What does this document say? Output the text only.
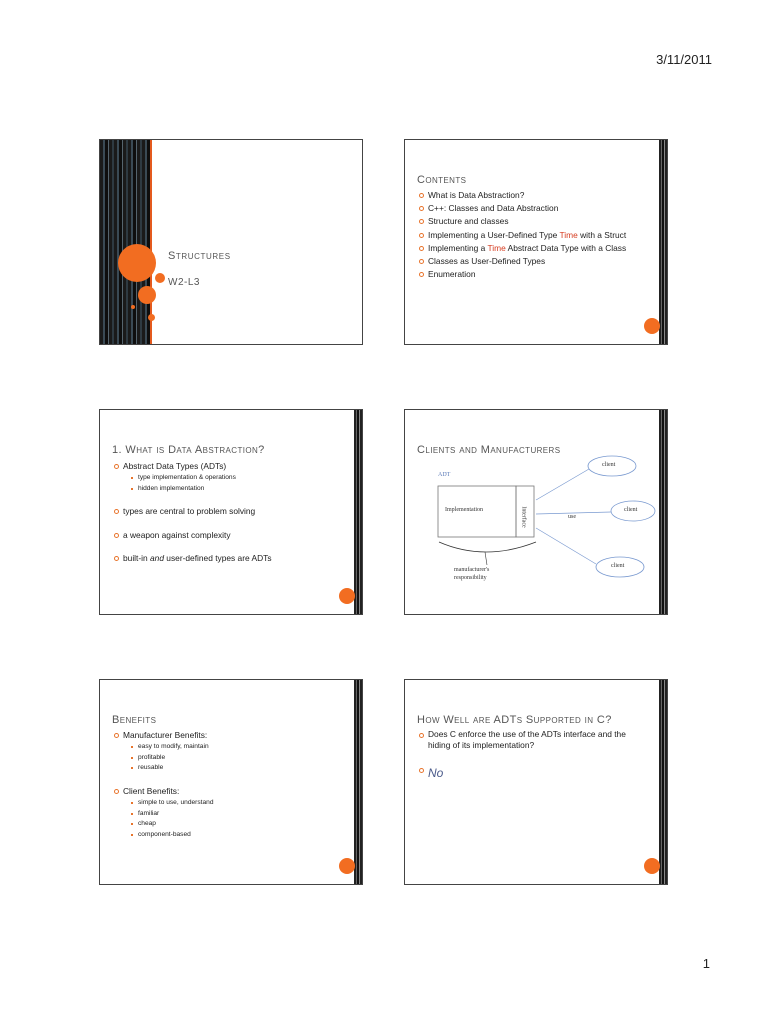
3/11/2011
Structures
W2-L3
Contents
What is Data Abstraction?
C++: Classes and Data Abstraction
Structure and classes
Implementing a User-Defined Type Time with a Struct
Implementing a Time Abstract Data Type with a Class
Classes as User-Defined Types
Enumeration
1. What is Data Abstraction?
Abstract Data Types (ADTs)
type implementation & operations
hidden implementation
types are central to problem solving
a weapon against complexity
built-in and user-defined types are ADTs
Clients and Manufacturers
ADT
Implementation	Interface	use
client
client
client
manufacturer's responsibility
Benefits
Manufacturer Benefits:
easy to modify, maintain
profitable
reusable
Client Benefits:
simple to use, understand
familiar
cheap
component-based
How Well are ADTs Supported in C?
Does C enforce the use of the ADTs interface and the hiding of its implementation?
No
1
